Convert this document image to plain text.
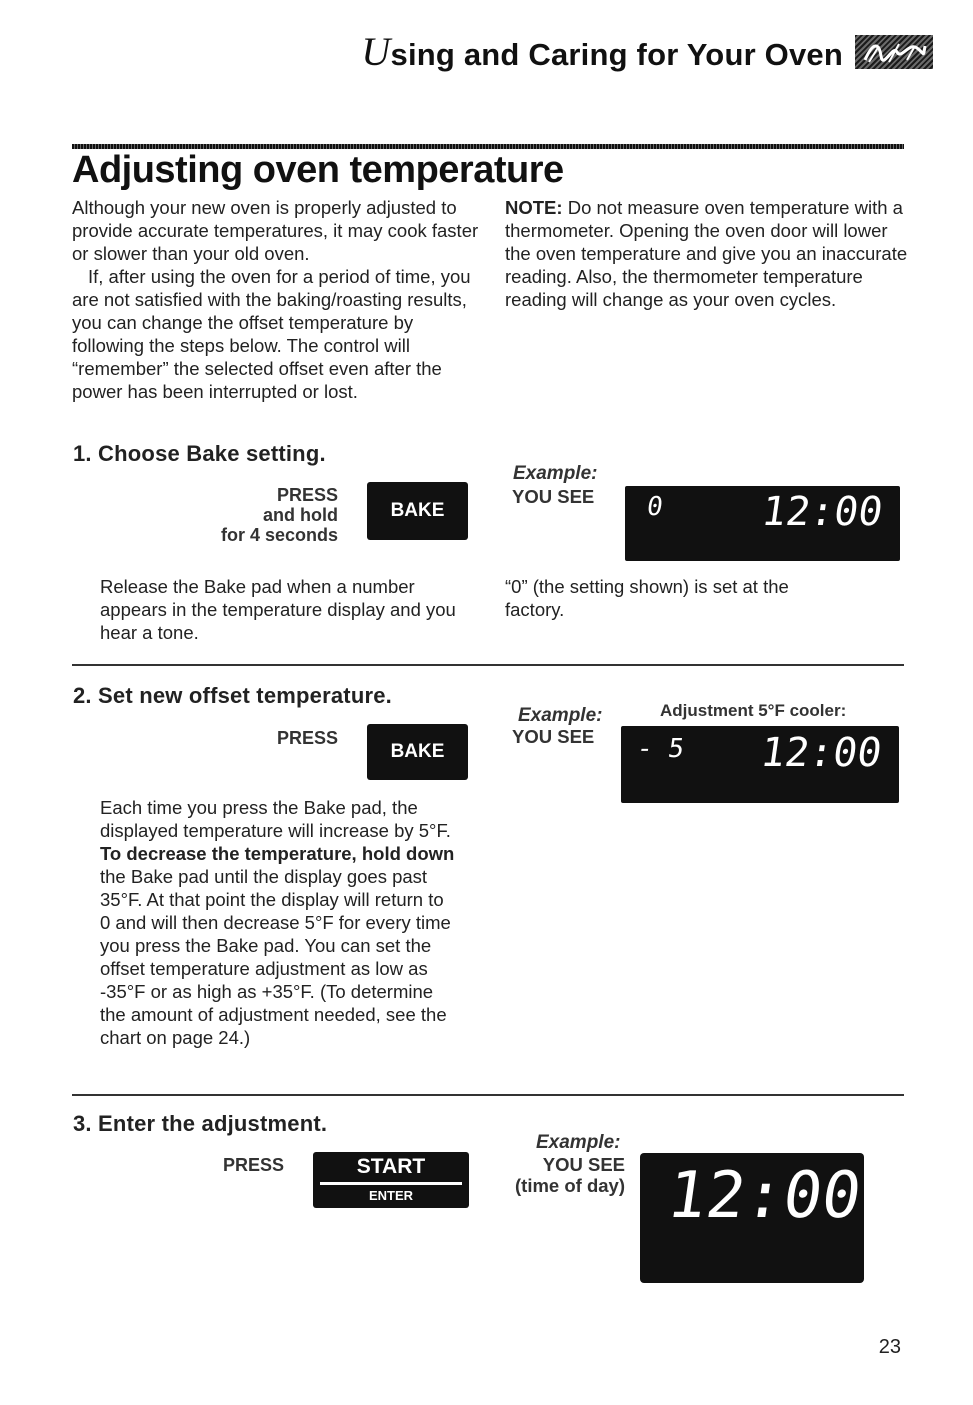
Using and Caring for Your Oven
Adjusting oven temperature

Although your new oven is properly adjusted to provide accurate temperatures, it may cook faster or slower than your old oven.

If, after using the oven for a period of time, you are not satisfied with the baking/roasting results, you can change the offset temperature by following the steps below. The control will “remember” the selected offset even after the power has been interrupted or lost.

NOTE: Do not measure oven temperature with a thermometer. Opening the oven door will lower the oven temperature and give you an inaccurate reading. Also, the thermometer temperature reading will change as your oven cycles.

1. Choose Bake setting.
PRESS
and hold
for 4 seconds
BAKE
Example:
YOU SEE 0 12:00
Release the Bake pad when a number appears in the temperature display and you hear a tone.
“0” (the setting shown) is set at the factory.
2. Set new offset temperature.
PRESS
BAKE
Example:	Adjustment 5°F cooler:
YOU SEE - 5 12:00
Each time you press the Bake pad, the displayed temperature will increase by 5°F. To decrease the temperature, hold down the Bake pad until the display goes past 35°F. At that point the display will return to 0 and will then decrease 5°F for every time you press the Bake pad. You can set the offset temperature adjustment as low as -35°F or as high as +35°F. (To determine the amount of adjustment needed, see the chart on page 24.)
3. Enter the adjustment.
PRESS	START
ENTER
Example:
YOU SEE
(time of day) 12:00
23
